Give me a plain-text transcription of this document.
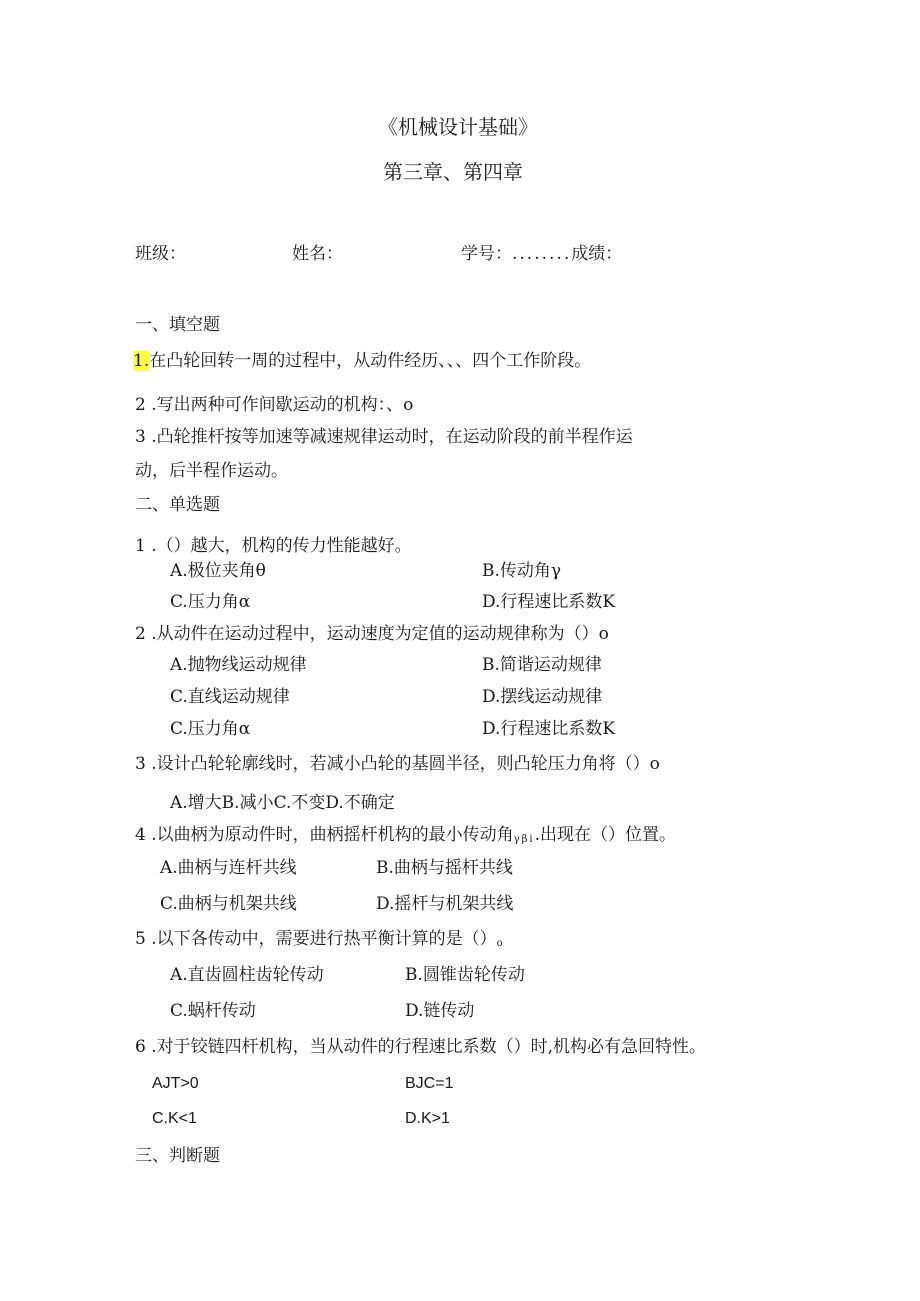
《机械设计基础》
第三章、第四章
班级：	姓名：	学号：........成绩：
一、填空题
1.在凸轮回转一周的过程中，从动件经历、、、四个工作阶段。
2 .写出两种可作间歇运动的机构：、o
3 .凸轮推杆按等加速等减速规律运动时，在运动阶段的前半程作运
动，后半程作运动。
二、单选题
1 .（）越大，机构的传力性能越好。
A.极位夹角θ	B.传动角γ
C.压力角α	D.行程速比系数K
2 .从动件在运动过程中，运动速度为定值的运动规律称为（）o
A.抛物线运动规律	B.简谐运动规律
C.直线运动规律	D.摆线运动规律
C.压力角α	D.行程速比系数K
3 .设计凸轮轮廓线时，若减小凸轮的基圆半径，则凸轮压力角将（）o
A.增大B.减小C.不变D.不确定
4 .以曲柄为原动件时，曲柄摇杆机构的最小传动角$_{\gamma\beta i}$.出现在（）位置。
A.曲柄与连杆共线	B.曲柄与摇杆共线
C.曲柄与机架共线	D.摇杆与机架共线
5 .以下各传动中，需要进行热平衡计算的是$()_o$
A.直齿圆柱齿轮传动	B.圆锥齿轮传动
C.蜗杆传动	D.链传动
6 .对于铰链四杆机构，当从动件的行程速比系数（）时,机构必有急回特性。
AJT>0	BJC=1
C.K<1	D.K>1
三、判断题
